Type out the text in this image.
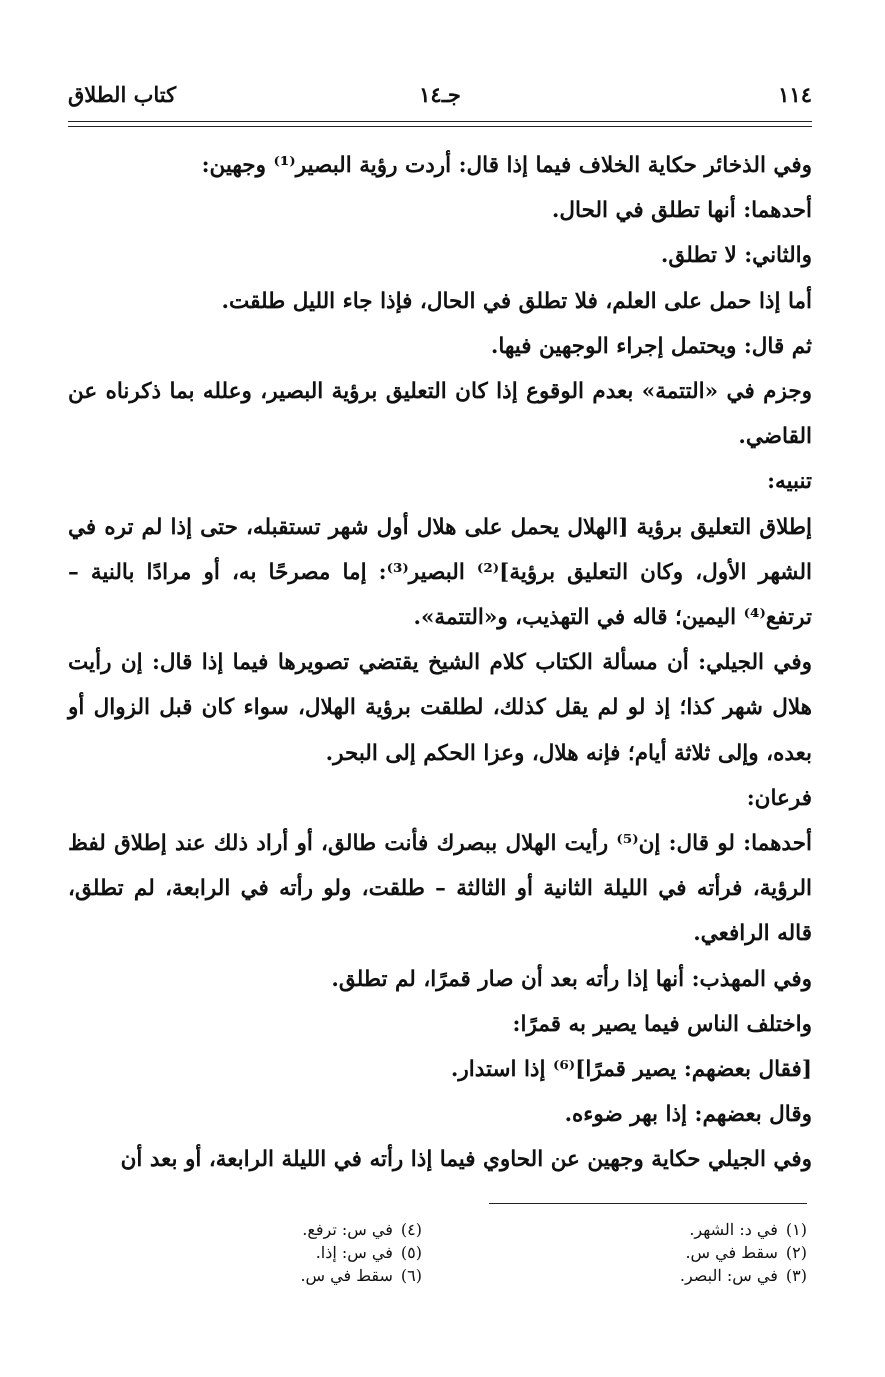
١١٤
جـ١٤
كتاب الطلاق

وفي الذخائر حكاية الخلاف فيما إذا قال: أردت رؤية البصير⁽¹⁾ وجهين:

أحدهما: أنها تطلق في الحال.

والثاني: لا تطلق.

أما إذا حمل على العلم، فلا تطلق في الحال، فإذا جاء الليل طلقت.

ثم قال: ويحتمل إجراء الوجهين فيها.

وجزم في «التتمة» بعدم الوقوع إذا كان التعليق برؤية البصير، وعلله بما ذكرناه عن القاضي.

تنبيه:

إطلاق التعليق برؤية [الهلال يحمل على هلال أول شهر تستقبله، حتى إذا لم تره في الشهر الأول، وكان التعليق برؤية]⁽²⁾ البصير⁽³⁾: إما مصرحًا به، أو مرادًا بالنية – ترتفع⁽⁴⁾ اليمين؛ قاله في التهذيب، و«التتمة».

وفي الجيلي: أن مسألة الكتاب كلام الشيخ يقتضي تصويرها فيما إذا قال: إن رأيت هلال شهر كذا؛ إذ لو لم يقل كذلك، لطلقت برؤية الهلال، سواء كان قبل الزوال أو بعده، وإلى ثلاثة أيام؛ فإنه هلال، وعزا الحكم إلى البحر.

فرعان:

أحدهما: لو قال: إن⁽⁵⁾ رأيت الهلال ببصرك فأنت طالق، أو أراد ذلك عند إطلاق لفظ الرؤية، فرأته في الليلة الثانية أو الثالثة – طلقت، ولو رأته في الرابعة، لم تطلق، قاله الرافعي.

وفي المهذب: أنها إذا رأته بعد أن صار قمرًا، لم تطلق.

واختلف الناس فيما يصير به قمرًا:

[فقال بعضهم: يصير قمرًا]⁽⁶⁾ إذا استدار.

وقال بعضهم: إذا بهر ضوءه.

وفي الجيلي حكاية وجهين عن الحاوي فيما إذا رأته في الليلة الرابعة، أو بعد أن

(١)في د: الشهر.
(٢)سقط في س.
(٣)في س: البصر.
(٤)في س: ترفع.
(٥)في س: إذا.
(٦)سقط في س.
